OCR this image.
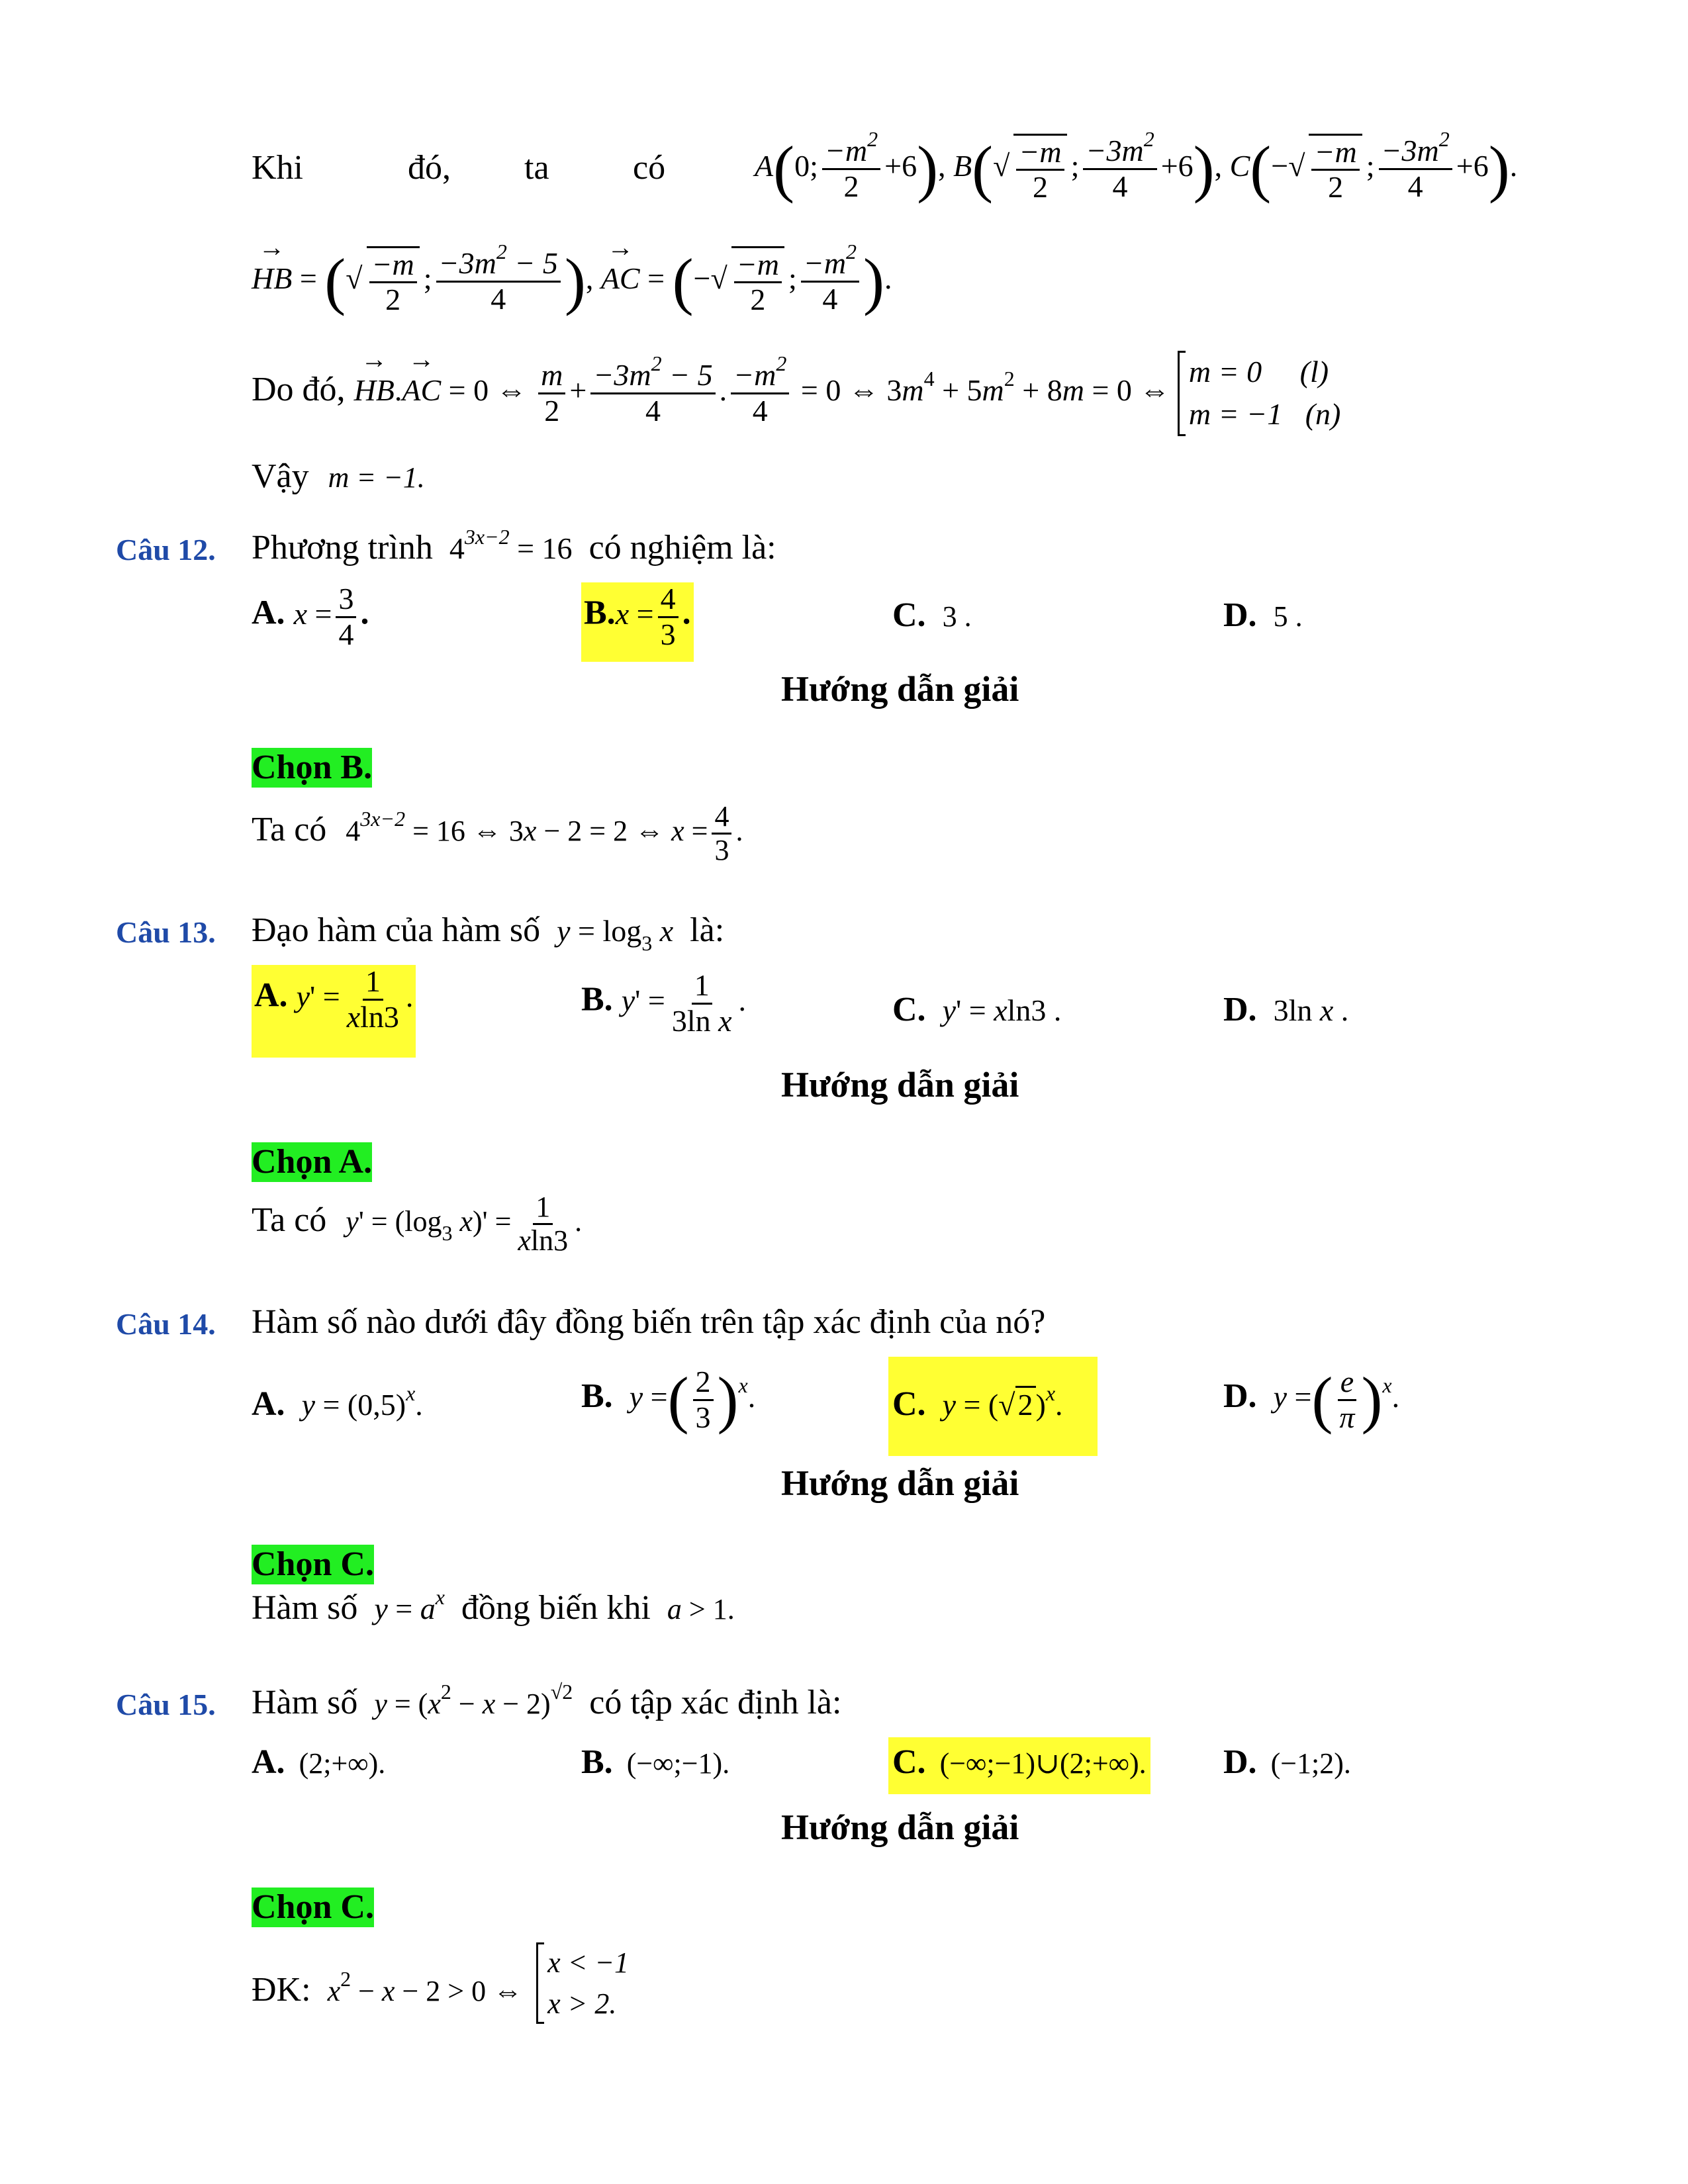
Khi	đó, ta có	A(0; $\frac{-m^2}{2} +6$), $B(√ \frac{-m}{2}$ ; $\frac{-3m^2}{4} +6$), $C(-√ \frac{-m}{2}$ ; $\frac{-3m^2}{4} +6$).
HB → = (√ $\frac{-m}{2}$ ; $\frac{-3m^2 - 5}{4}$ ), AC → = (−√ $\frac{-m}{2}$ ; $\frac{-m^2}{4}$ ).
Do đó, HB →.AC → = 0 ⇔ $\frac{m}{2} + \frac{-3m^2 - 5}{4}$ . $\frac{-m^2}{4} = 0$ ⇔ $3m^4 + 5m^2 + 8m = 0$ ⇔
m = 0 (l)
m = −1 (n)
Vậy m = −1.
Câu 12. Phương trình $4^{3x-2} = 16$ có nghiệm là:
A. $x = \frac{3}{4}$ .	$B.x = \frac{4}{3}$ .	C. 3 .	D. 5 .
Hướng dẫn giải
Chọn B.
Ta có $4^{3x-2} = 16$ ⇔ 3x − 2 = 2 ⇔ $x = \frac{4}{3}$ .
Câu 13. Đạo hàm của hàm số $y = \log_3 x$ là:
A. $y' = \frac{1}{xln3}$ .	B. $y' = \frac{1}{\text{3ln x}}$ .	C. y' = xln3 .	D. 3ln x .
Hướng dẫn giải
Chọn A.
Ta có $y' = (\log_3$ $x)' = \frac{1}{xln3}$ .
Câu 14. Hàm số nào dưới đây đồng biến trên tập xác định của nó?
A. $y = (0,5)^x$.	B. y =( $\frac{2}{3} )^x$.	C. $y = (√2)^x$.	D. y =( $\frac{e}{\pi} )^x$.
Hướng dẫn giải
Chọn C.
Hàm số $y = a^x$ đồng biến khi a > 1.
Câu 15. Hàm số $y = (x^2 - x - 2)^{√2}$ có tập xác định là:
A. (2;+∞).	B. (−∞;−1).	C. (−∞;−1)∪(2;+∞). D. (−1;2).
Hướng dẫn giải
Chọn C.
ĐK: $_{x^2 - x - 2 > 0 \Leftrightarrow}$
x < −1
x > 2.
